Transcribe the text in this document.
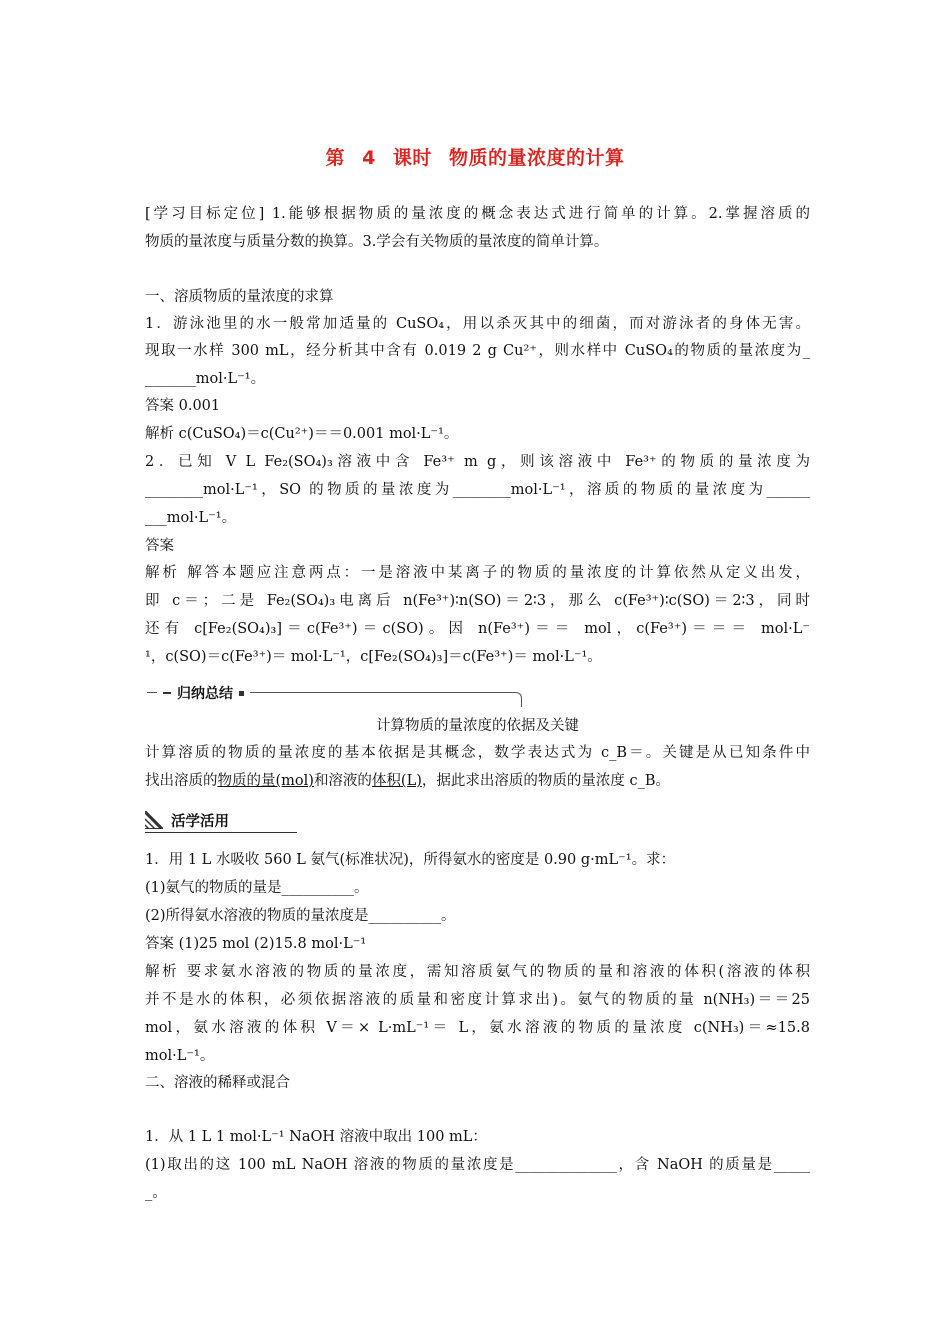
第 4 课时 物质的量浓度的计算
[学习目标定位] 1.能够根据物质的量浓度的概念表达式进行简单的计算。2.掌握溶质的
物质的量浓度与质量分数的换算。3.学会有关物质的量浓度的简单计算。
一、溶质物质的量浓度的求算
1．游泳池里的水一般常加适量的 CuSO₄，用以杀灭其中的细菌，而对游泳者的身体无害。
现取一水样 300 mL，经分析其中含有 0.019 2 g Cu²⁺，则水样中 CuSO₄的物质的量浓度为_
_______mol·L⁻¹。
答案 0.001
解析 c(CuSO₄)＝c(Cu²⁺)＝＝0.001 mol·L⁻¹。
2．已知 V L Fe₂(SO₄)₃溶液中含 Fe³⁺ m g，则该溶液中 Fe³⁺的物质的量浓度为
________mol·L⁻¹，SO 的物质的量浓度为________mol·L⁻¹，溶质的物质的量浓度为______
___mol·L⁻¹。
答案
解析 解答本题应注意两点：一是溶液中某离子的物质的量浓度的计算依然从定义出发，
即 c＝；二是 Fe₂(SO₄)₃电离后 n(Fe³⁺)∶n(SO)＝2∶3，那么 c(Fe³⁺)∶c(SO)＝2∶3，同时
还有 c[Fe₂(SO₄)₃]＝c(Fe³⁺)＝c(SO)。因 n(Fe³⁺)＝＝ mol，c(Fe³⁺)＝＝＝ mol·L⁻
¹，c(SO)＝c(Fe³⁺)＝ mol·L⁻¹，c[Fe₂(SO₄)₃]＝c(Fe³⁺)＝ mol·L⁻¹。
归纳总结
计算物质的量浓度的依据及关键
计算溶质的物质的量浓度的基本依据是其概念，数学表达式为 c_B＝。关键是从已知条件中
找出溶质的物质的量(mol)和溶液的体积(L)，据此求出溶质的物质的量浓度 c_B。
活学活用
1．用 1 L 水吸收 560 L 氨气(标准状况)，所得氨水的密度是 0.90 g·mL⁻¹。求：
(1)氨气的物质的量是__________。
(2)所得氨水溶液的物质的量浓度是__________。
答案 (1)25 mol (2)15.8 mol·L⁻¹
解析 要求氨水溶液的物质的量浓度，需知溶质氨气的物质的量和溶液的体积(溶液的体积
并不是水的体积，必须依据溶液的质量和密度计算求出)。氨气的物质的量 n(NH₃)＝＝25
mol，氨水溶液的体积 V＝× L·mL⁻¹＝ L，氨水溶液的物质的量浓度 c(NH₃)＝≈15.8
mol·L⁻¹。
二、溶液的稀释或混合
1．从 1 L 1 mol·L⁻¹ NaOH 溶液中取出 100 mL：
(1)取出的这 100 mL NaOH 溶液的物质的量浓度是______________，含 NaOH 的质量是_____
_。
